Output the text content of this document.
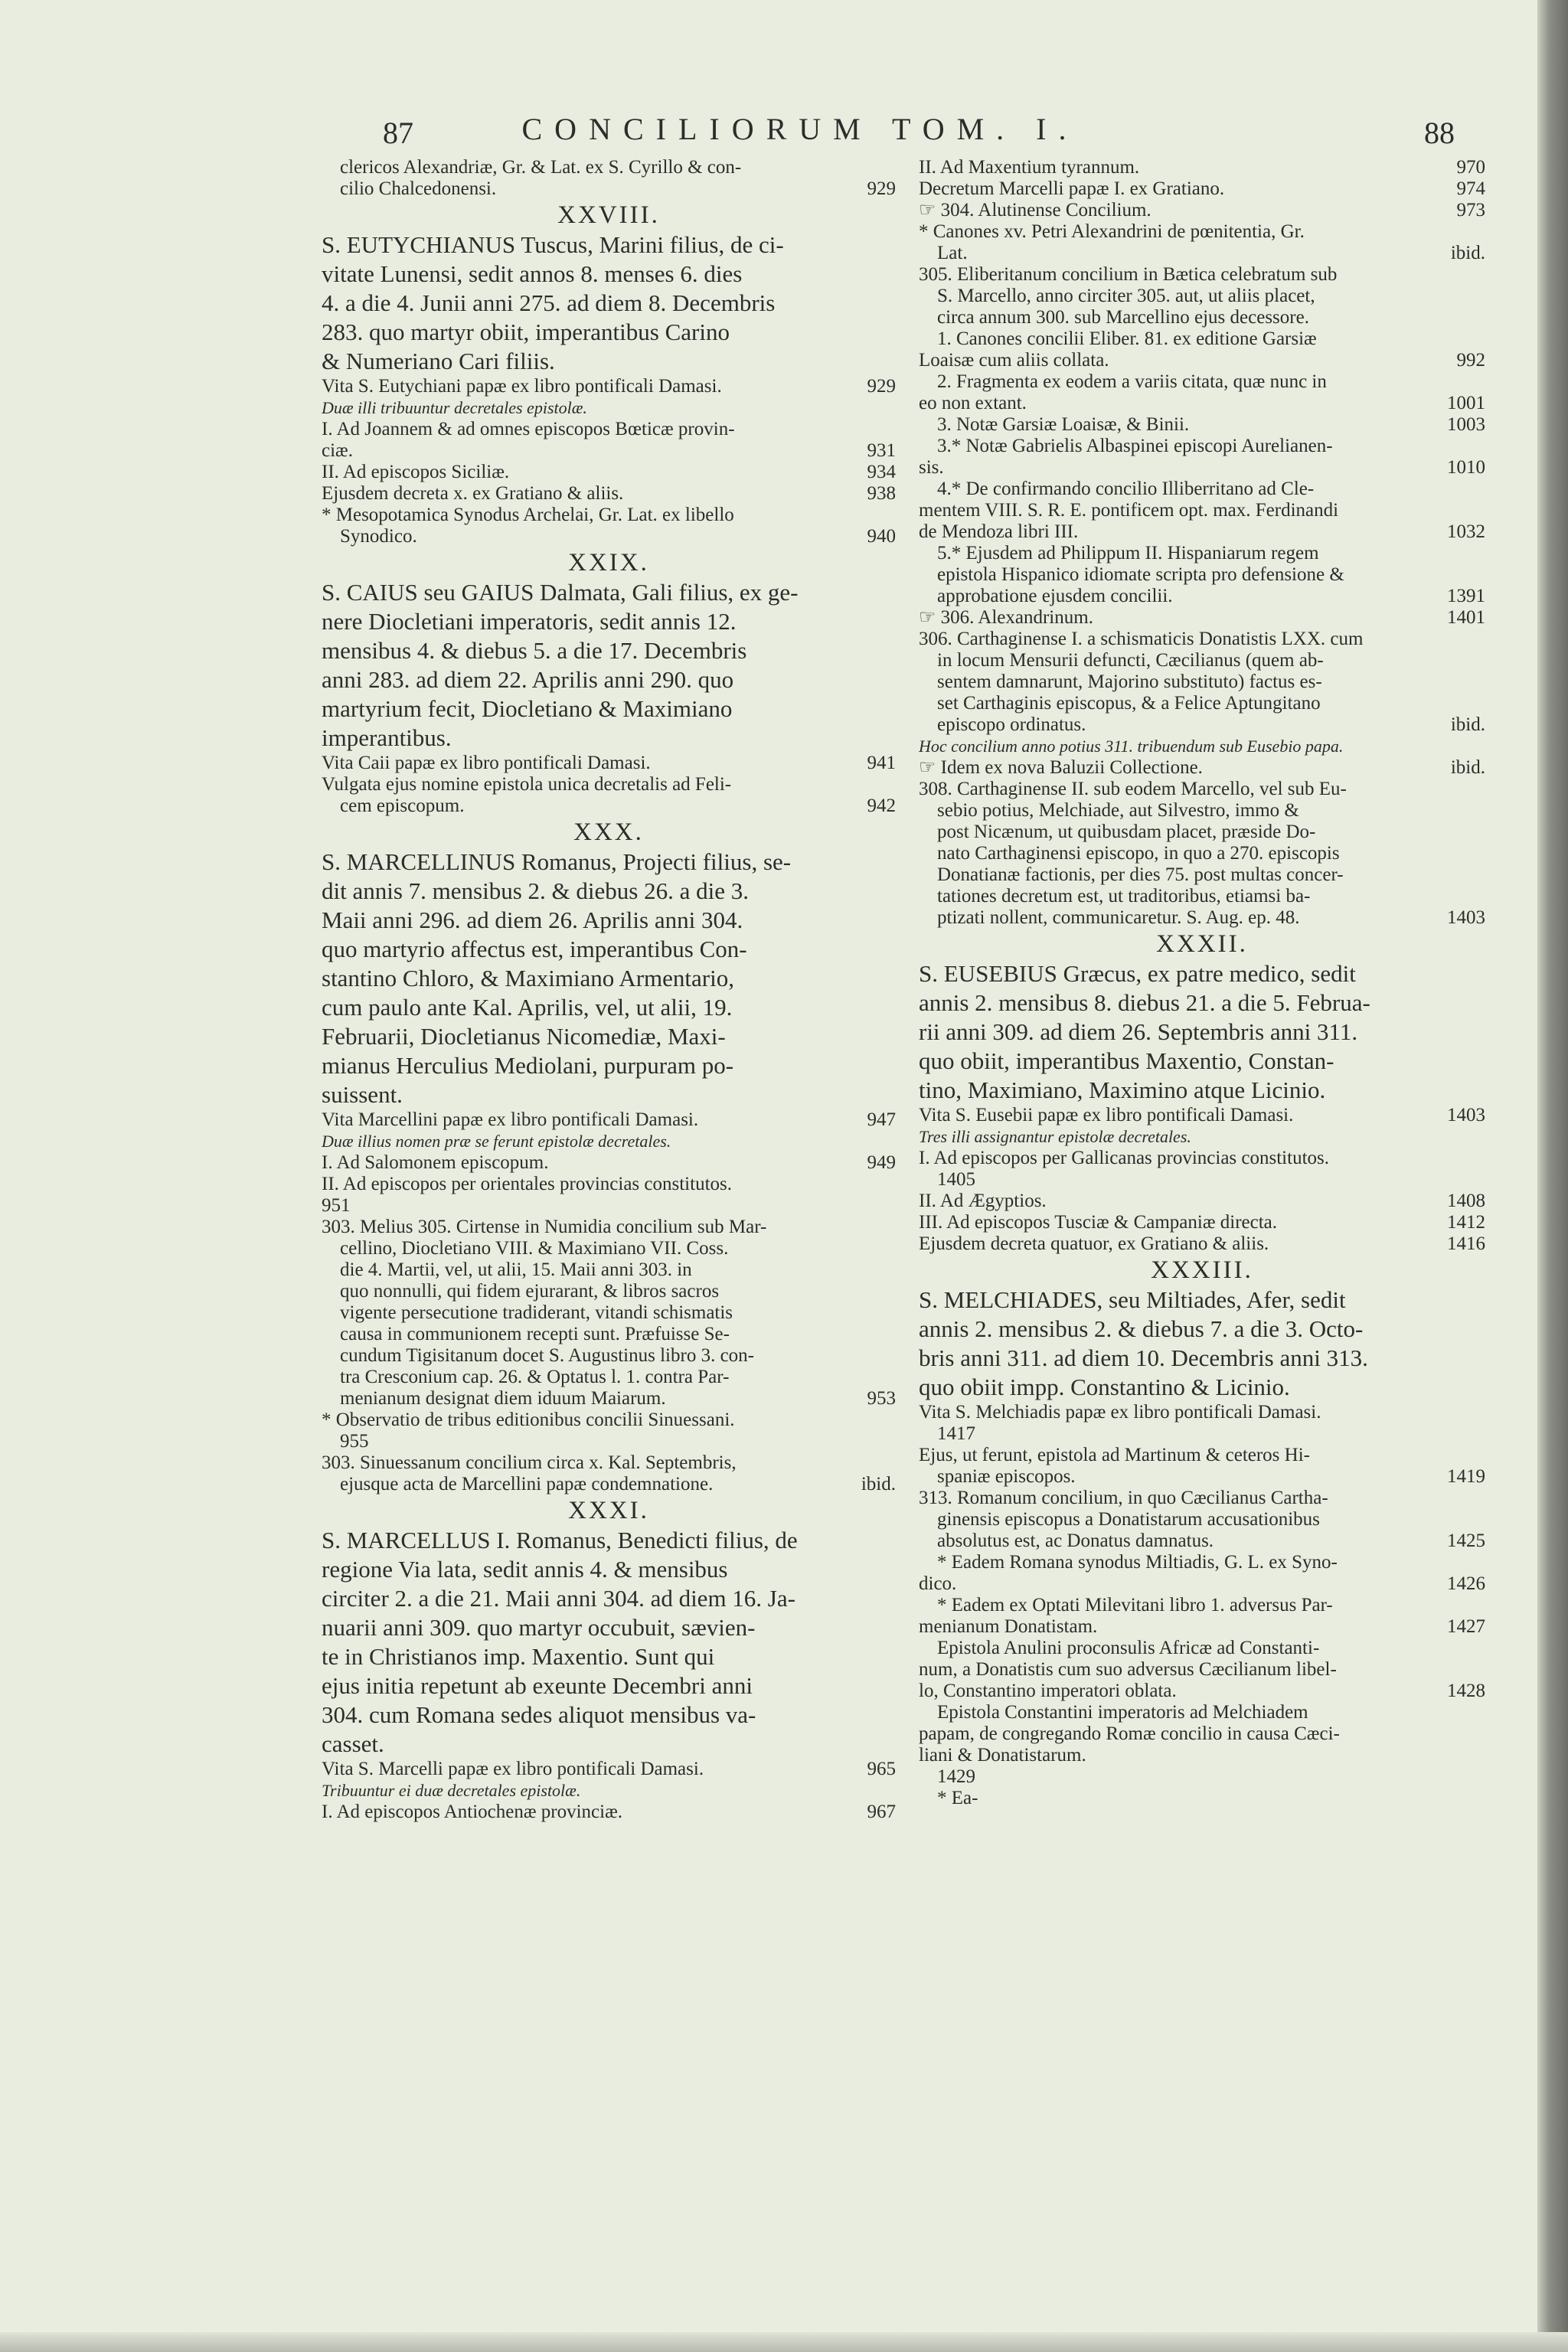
87	CONCILIORUM TOM. I.	88
clericos Alexandriæ, Gr. & Lat. ex S. Cyrillo & con-
cilio Chalcedonensi.	929
XXVIII.
S. EUTYCHIANUS Tuscus, Marini filius, de ci-
vitate Lunensi, sedit annos 8. menses 6. dies
4. a die 4. Junii anni 275. ad diem 8. Decembris
283. quo martyr obiit, imperantibus Carino
& Numeriano Cari filiis.
Vita S. Eutychiani papæ ex libro pontificali Damasi.	929
Duæ illi tribuuntur decretales epistolæ.
I. Ad Joannem & ad omnes episcopos Bœticæ provin-
ciæ.	931
II. Ad episcopos Siciliæ.	934
Ejusdem decreta x. ex Gratiano & aliis.	938
* Mesopotamica Synodus Archelai, Gr. Lat. ex libello
Synodico.	940
XXIX.
S. CAIUS seu GAIUS Dalmata, Gali filius, ex ge-
nere Diocletiani imperatoris, sedit annis 12.
mensibus 4. & diebus 5. a die 17. Decembris
anni 283. ad diem 22. Aprilis anni 290. quo
martyrium fecit, Diocletiano & Maximiano
imperantibus.
Vita Caii papæ ex libro pontificali Damasi.	941
Vulgata ejus nomine epistola unica decretalis ad Feli-
cem episcopum.	942
XXX.
S. MARCELLINUS Romanus, Projecti filius, se-
dit annis 7. mensibus 2. & diebus 26. a die 3.
Maii anni 296. ad diem 26. Aprilis anni 304.
quo martyrio affectus est, imperantibus Con-
stantino Chloro, & Maximiano Armentario,
cum paulo ante Kal. Aprilis, vel, ut alii, 19.
Februarii, Diocletianus Nicomediæ, Maxi-
mianus Herculius Mediolani, purpuram po-
suissent.
Vita Marcellini papæ ex libro pontificali Damasi.	947
Duæ illius nomen præ se ferunt epistolæ decretales.
I. Ad Salomonem episcopum.	949
II. Ad episcopos per orientales provincias constitutos.
951
303. Melius 305. Cirtense in Numidia concilium sub Mar-
cellino, Diocletiano VIII. & Maximiano VII. Coss.
die 4. Martii, vel, ut alii, 15. Maii anni 303. in
quo nonnulli, qui fidem ejurarant, & libros sacros
vigente persecutione tradiderant, vitandi schismatis
causa in communionem recepti sunt. Præfuisse Se-
cundum Tigisitanum docet S. Augustinus libro 3. con-
tra Cresconium cap. 26. & Optatus l. 1. contra Par-
menianum designat diem iduum Maiarum.	953
* Observatio de tribus editionibus concilii Sinuessani.
955
303. Sinuessanum concilium circa x. Kal. Septembris,
ejusque acta de Marcellini papæ condemnatione.	ibid.
XXXI.
S. MARCELLUS I. Romanus, Benedicti filius, de
regione Via lata, sedit annis 4. & mensibus
circiter 2. a die 21. Maii anni 304. ad diem 16. Ja-
nuarii anni 309. quo martyr occubuit, sævien-
te in Christianos imp. Maxentio. Sunt qui
ejus initia repetunt ab exeunte Decembri anni
304. cum Romana sedes aliquot mensibus va-
casset.
Vita S. Marcelli papæ ex libro pontificali Damasi.	965
Tribuuntur ei duæ decretales epistolæ.
I. Ad episcopos Antiochenæ provinciæ.	967
II. Ad Maxentium tyrannum.	970
Decretum Marcelli papæ I. ex Gratiano.	974
☞ 304. Alutinense Concilium.	973
* Canones xv. Petri Alexandrini de pœnitentia, Gr.
Lat.	ibid.
305. Eliberitanum concilium in Bætica celebratum sub
S. Marcello, anno circiter 305. aut, ut aliis placet,
circa annum 300. sub Marcellino ejus decessore.
1. Canones concilii Eliber. 81. ex editione Garsiæ
Loaisæ cum aliis collata.	992
2. Fragmenta ex eodem a variis citata, quæ nunc in
eo non extant.	1001
3. Notæ Garsiæ Loaisæ, & Binii.	1003
3.* Notæ Gabrielis Albaspinei episcopi Aurelianen-
sis.	1010
4.* De confirmando concilio Illiberritano ad Cle-
mentem VIII. S. R. E. pontificem opt. max. Ferdinandi
de Mendoza libri III.	1032
5.* Ejusdem ad Philippum II. Hispaniarum regem
epistola Hispanico idiomate scripta pro defensione &
approbatione ejusdem concilii.	1391
☞ 306. Alexandrinum.	1401
306. Carthaginense I. a schismaticis Donatistis LXX. cum
in locum Mensurii defuncti, Cæcilianus (quem ab-
sentem damnarunt, Majorino substituto) factus es-
set Carthaginis episcopus, & a Felice Aptungitano
episcopo ordinatus.	ibid.
Hoc concilium anno potius 311. tribuendum sub Eusebio papa.
☞ Idem ex nova Baluzii Collectione.	ibid.
308. Carthaginense II. sub eodem Marcello, vel sub Eu-
sebio potius, Melchiade, aut Silvestro, immo &
post Nicænum, ut quibusdam placet, præside Do-
nato Carthaginensi episcopo, in quo a 270. episcopis
Donatianæ factionis, per dies 75. post multas concer-
tationes decretum est, ut traditoribus, etiamsi ba-
ptizati nollent, communicaretur. S. Aug. ep. 48.	1403
XXXII.
S. EUSEBIUS Græcus, ex patre medico, sedit
annis 2. mensibus 8. diebus 21. a die 5. Februa-
rii anni 309. ad diem 26. Septembris anni 311.
quo obiit, imperantibus Maxentio, Constan-
tino, Maximiano, Maximino atque Licinio.
Vita S. Eusebii papæ ex libro pontificali Damasi.	1403
Tres illi assignantur epistolæ decretales.
I. Ad episcopos per Gallicanas provincias constitutos.
1405
II. Ad Ægyptios.	1408
III. Ad episcopos Tusciæ & Campaniæ directa.	1412
Ejusdem decreta quatuor, ex Gratiano & aliis.	1416
XXXIII.
S. MELCHIADES, seu Miltiades, Afer, sedit
annis 2. mensibus 2. & diebus 7. a die 3. Octo-
bris anni 311. ad diem 10. Decembris anni 313.
quo obiit impp. Constantino & Licinio.
Vita S. Melchiadis papæ ex libro pontificali Damasi.
1417
Ejus, ut ferunt, epistola ad Martinum & ceteros Hi-
spaniæ episcopos.	1419
313. Romanum concilium, in quo Cæcilianus Cartha-
ginensis episcopus a Donatistarum accusationibus
absolutus est, ac Donatus damnatus.	1425
* Eadem Romana synodus Miltiadis, G. L. ex Syno-
dico.	1426
* Eadem ex Optati Milevitani libro 1. adversus Par-
menianum Donatistam.	1427
Epistola Anulini proconsulis Africæ ad Constanti-
num, a Donatistis cum suo adversus Cæcilianum libel-
lo, Constantino imperatori oblata.	1428
Epistola Constantini imperatoris ad Melchiadem
papam, de congregando Romæ concilio in causa Cæci-
liani & Donatistarum.
1429
* Ea-
